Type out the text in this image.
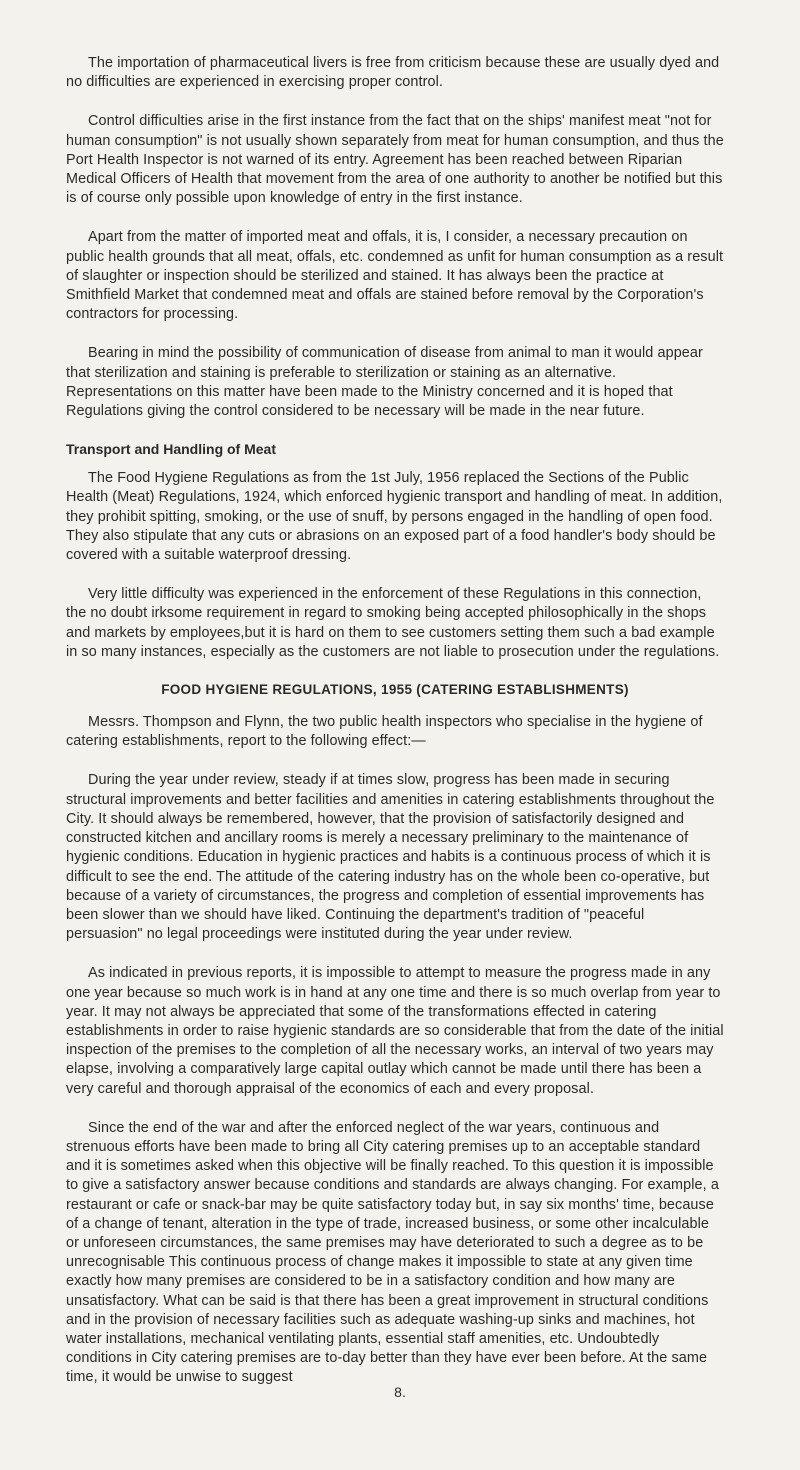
The importation of pharmaceutical livers is free from criticism because these are usually dyed and no difficulties are experienced in exercising proper control.

Control difficulties arise in the first instance from the fact that on the ships' manifest meat "not for human consumption" is not usually shown separately from meat for human consumption, and thus the Port Health Inspector is not warned of its entry. Agreement has been reached between Riparian Medical Officers of Health that movement from the area of one authority to another be notified but this is of course only possible upon knowledge of entry in the first instance.

Apart from the matter of imported meat and offals, it is, I consider, a necessary precaution on public health grounds that all meat, offals, etc. condemned as unfit for human consumption as a result of slaughter or inspection should be sterilized and stained. It has always been the practice at Smithfield Market that condemned meat and offals are stained before removal by the Corporation's contractors for processing.

Bearing in mind the possibility of communication of disease from animal to man it would appear that sterilization and staining is preferable to sterilization or staining as an alternative. Representations on this matter have been made to the Ministry concerned and it is hoped that Regulations giving the control considered to be necessary will be made in the near future.

Transport and Handling of Meat

The Food Hygiene Regulations as from the 1st July, 1956 replaced the Sections of the Public Health (Meat) Regulations, 1924, which enforced hygienic transport and handling of meat. In addition, they prohibit spitting, smoking, or the use of snuff, by persons engaged in the handling of open food. They also stipulate that any cuts or abrasions on an exposed part of a food handler's body should be covered with a suitable waterproof dressing.

Very little difficulty was experienced in the enforcement of these Regulations in this connection, the no doubt irksome requirement in regard to smoking being accepted philosophically in the shops and markets by employees,but it is hard on them to see customers setting them such a bad example in so many instances, especially as the customers are not liable to prosecution under the regulations.

FOOD HYGIENE REGULATIONS, 1955 (CATERING ESTABLISHMENTS)

Messrs. Thompson and Flynn, the two public health inspectors who specialise in the hygiene of catering establishments, report to the following effect:—

During the year under review, steady if at times slow, progress has been made in securing structural improvements and better facilities and amenities in catering establishments throughout the City. It should always be remembered, however, that the provision of satisfactorily designed and constructed kitchen and ancillary rooms is merely a necessary preliminary to the maintenance of hygienic conditions. Education in hygienic practices and habits is a continuous process of which it is difficult to see the end. The attitude of the catering industry has on the whole been co-operative, but because of a variety of circumstances, the progress and completion of essential improvements has been slower than we should have liked. Continuing the department's tradition of "peaceful persuasion" no legal proceedings were instituted during the year under review.

As indicated in previous reports, it is impossible to attempt to measure the progress made in any one year because so much work is in hand at any one time and there is so much overlap from year to year. It may not always be appreciated that some of the transformations effected in catering establishments in order to raise hygienic standards are so considerable that from the date of the initial inspection of the premises to the completion of all the necessary works, an interval of two years may elapse, involving a comparatively large capital outlay which cannot be made until there has been a very careful and thorough appraisal of the economics of each and every proposal.

Since the end of the war and after the enforced neglect of the war years, continuous and strenuous efforts have been made to bring all City catering premises up to an acceptable standard and it is sometimes asked when this objective will be finally reached. To this question it is impossible to give a satisfactory answer because conditions and standards are always changing. For example, a restaurant or cafe or snack-bar may be quite satisfactory today but, in say six months' time, because of a change of tenant, alteration in the type of trade, increased business, or some other incalculable or unforeseen circumstances, the same premises may have deteriorated to such a degree as to be unrecognisable This continuous process of change makes it impossible to state at any given time exactly how many premises are considered to be in a satisfactory condition and how many are unsatisfactory. What can be said is that there has been a great improvement in structural conditions and in the provision of necessary facilities such as adequate washing-up sinks and machines, hot water installations, mechanical ventilating plants, essential staff amenities, etc. Undoubtedly conditions in City catering premises are to-day better than they have ever been before. At the same time, it would be unwise to suggest

8.
